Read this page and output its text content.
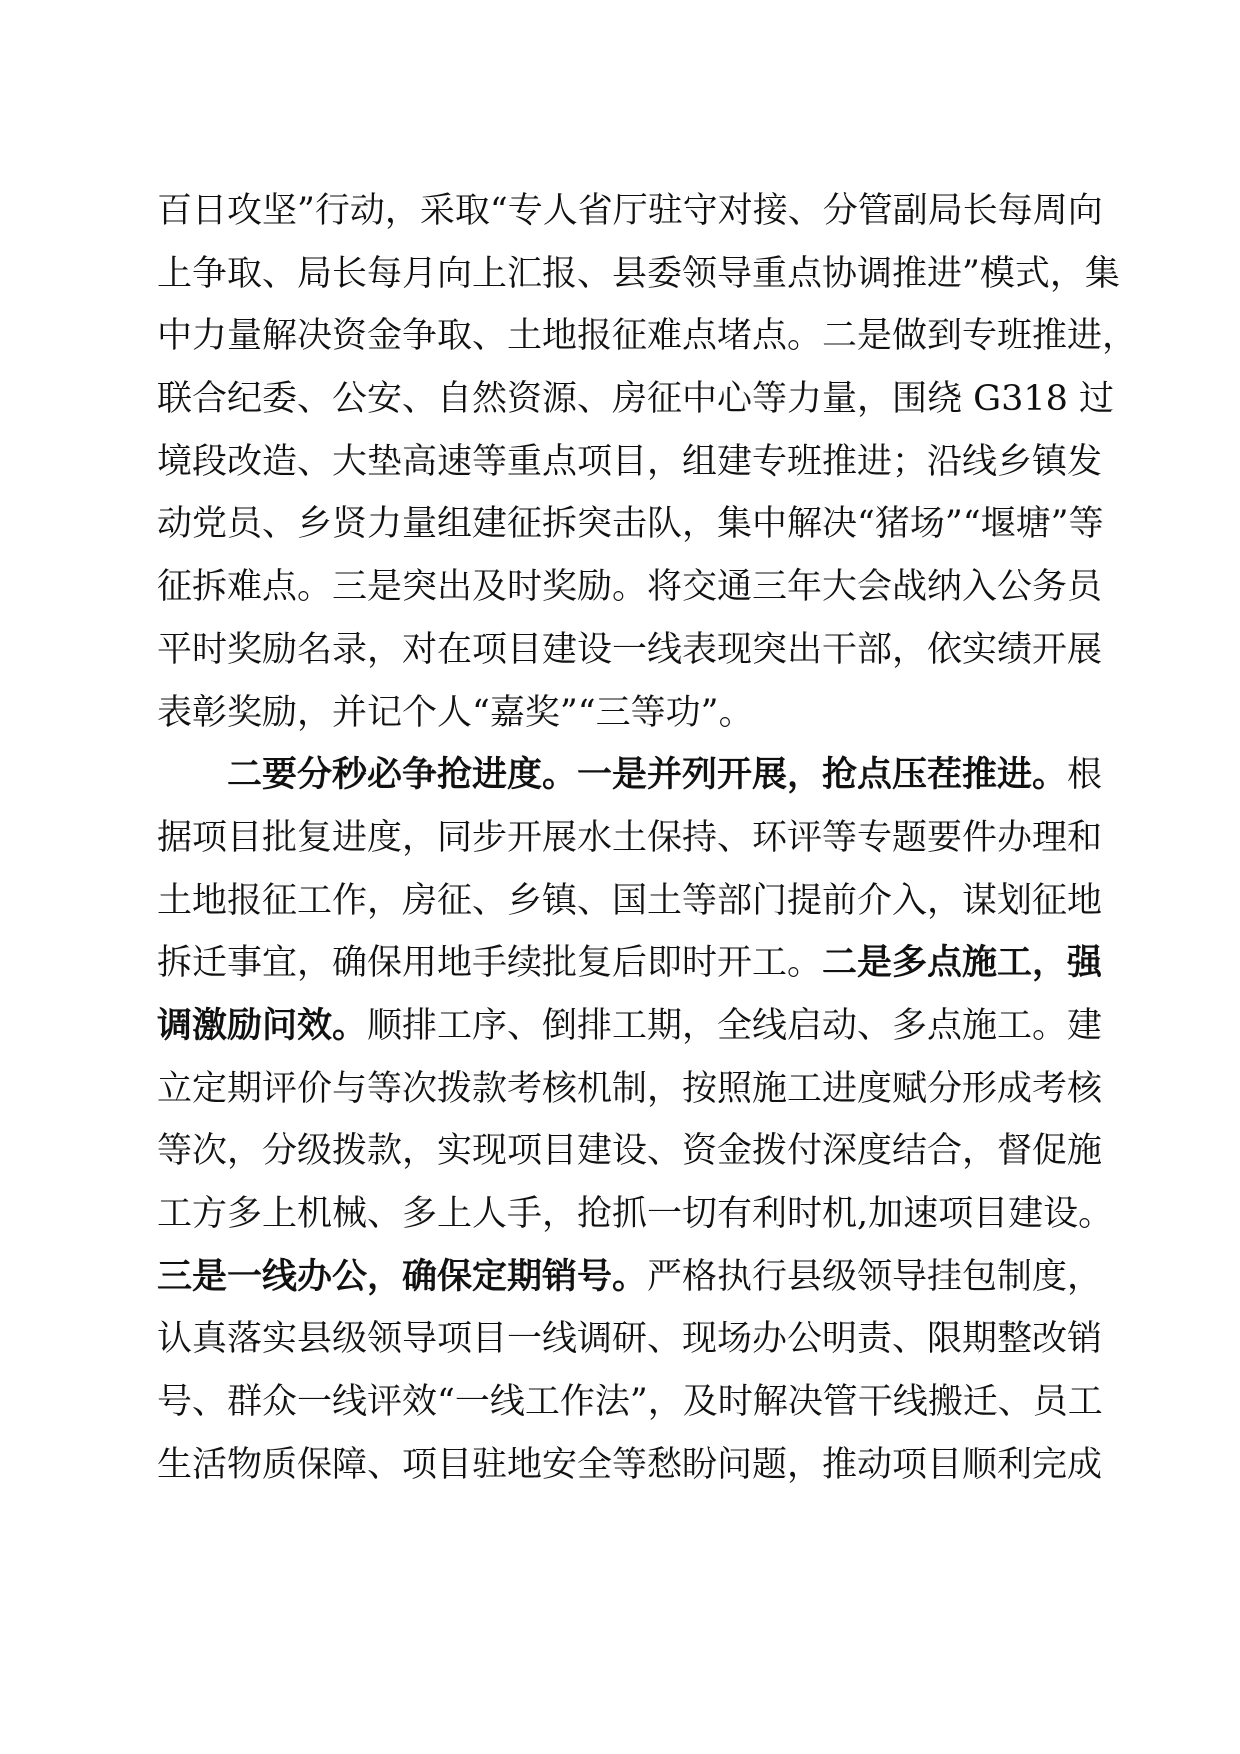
百日攻坚”行动，采取“专人省厅驻守对接、分管副局长每周向
上争取、局长每月向上汇报、县委领导重点协调推进”模式，集
中力量解决资金争取、土地报征难点堵点。二是做到专班推进，
联合纪委、公安、自然资源、房征中心等力量，围绕 G318 过
境段改造、大垫高速等重点项目，组建专班推进；沿线乡镇发
动党员、乡贤力量组建征拆突击队，集中解决“猪场”“堰塘”等
征拆难点。三是突出及时奖励。将交通三年大会战纳入公务员
平时奖励名录，对在项目建设一线表现突出干部，依实绩开展
表彰奖励，并记个人“嘉奖”“三等功”。
二要分秒必争抢进度。一是并列开展，抢点压茬推进。根
据项目批复进度，同步开展水土保持、环评等专题要件办理和
土地报征工作，房征、乡镇、国土等部门提前介入，谋划征地
拆迁事宜，确保用地手续批复后即时开工。二是多点施工，强
调激励问效。顺排工序、倒排工期，全线启动、多点施工。建
立定期评价与等次拨款考核机制，按照施工进度赋分形成考核
等次，分级拨款，实现项目建设、资金拨付深度结合，督促施
工方多上机械、多上人手，抢抓一切有利时机,加速项目建设。
三是一线办公，确保定期销号。严格执行县级领导挂包制度，
认真落实县级领导项目一线调研、现场办公明责、限期整改销
号、群众一线评效“一线工作法”，及时解决管干线搬迁、员工
生活物质保障、项目驻地安全等愁盼问题，推动项目顺利完成
